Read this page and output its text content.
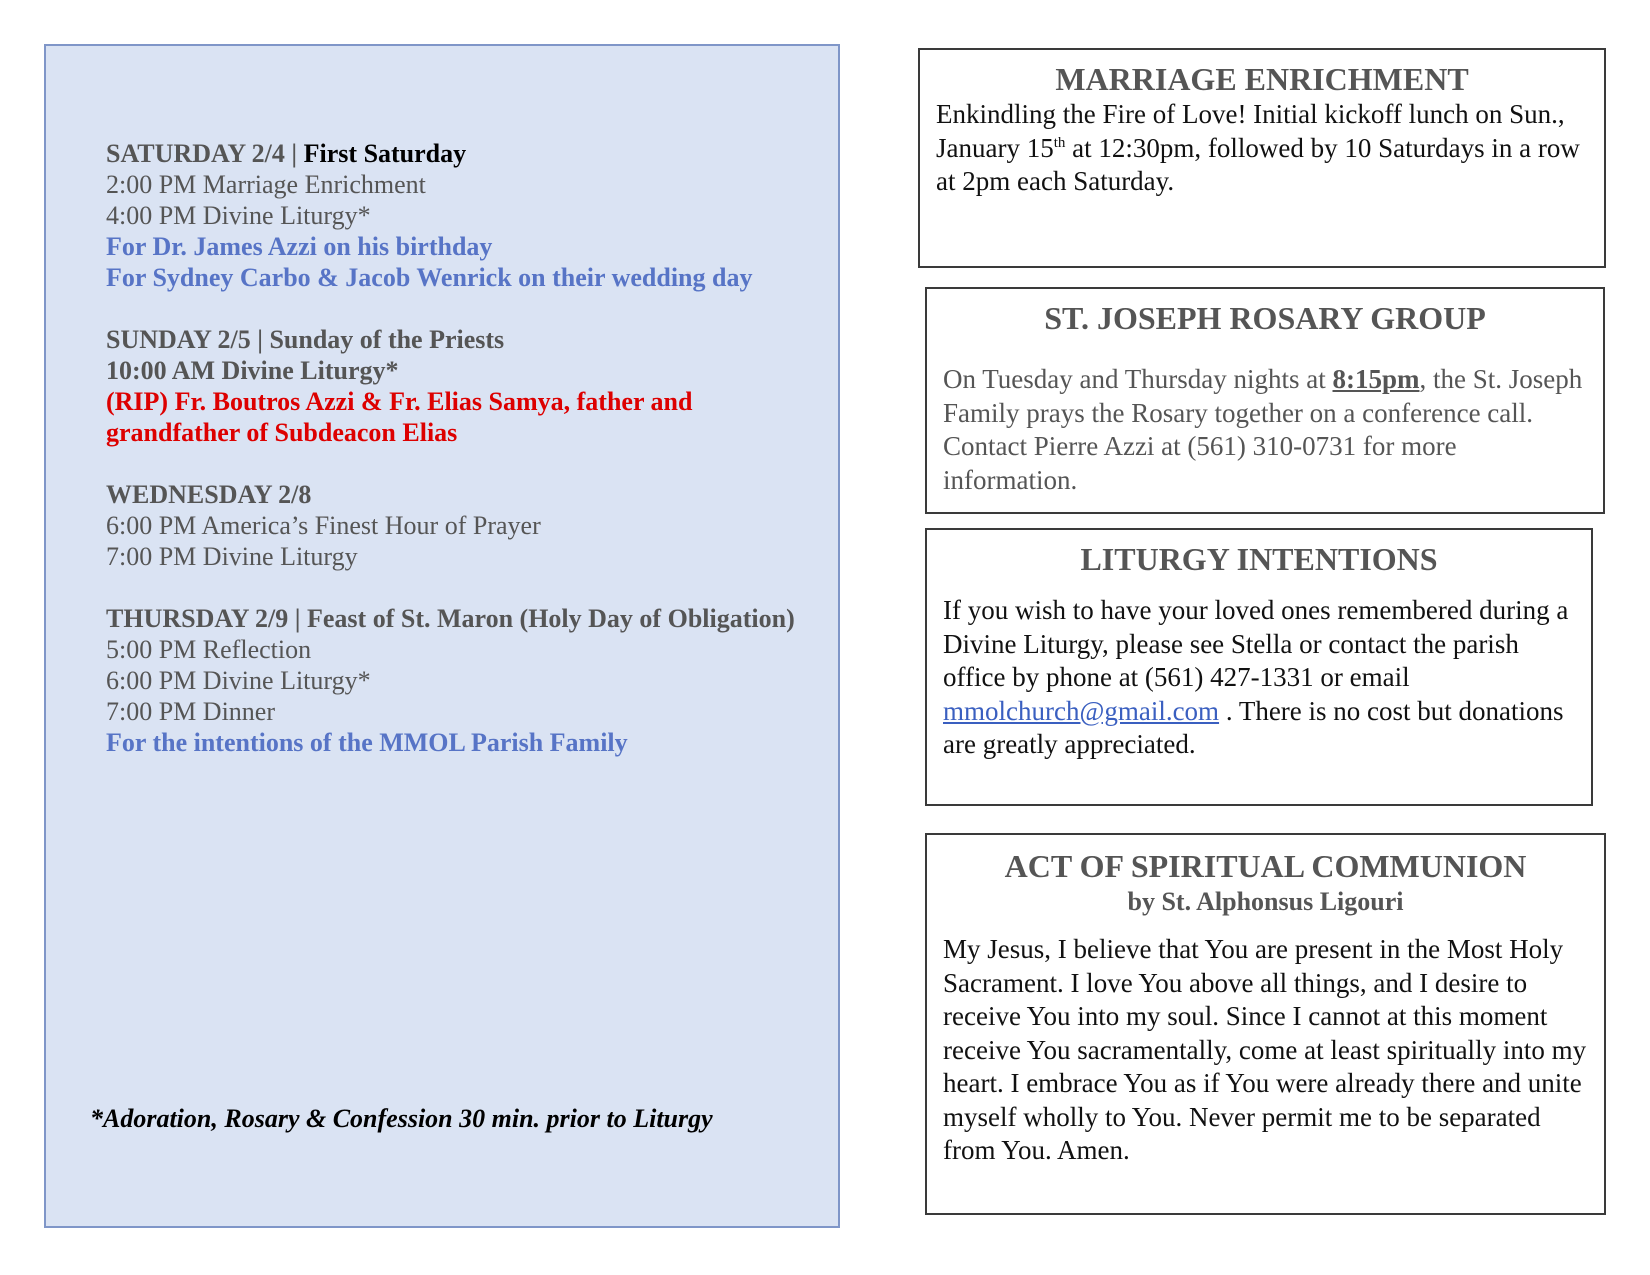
SATURDAY 2/4 | First Saturday
2:00 PM Marriage Enrichment
4:00 PM Divine Liturgy*
For Dr. James Azzi on his birthday
For Sydney Carbo & Jacob Wenrick on their wedding day
SUNDAY 2/5 | Sunday of the Priests
10:00 AM Divine Liturgy*
(RIP) Fr. Boutros Azzi & Fr. Elias Samya, father and grandfather of Subdeacon Elias
WEDNESDAY 2/8
6:00 PM America’s Finest Hour of Prayer
7:00 PM Divine Liturgy
THURSDAY 2/9 | Feast of St. Maron (Holy Day of Obligation)
5:00 PM Reflection
6:00 PM Divine Liturgy*
7:00 PM Dinner
For the intentions of the MMOL Parish Family
*Adoration, Rosary & Confession 30 min. prior to Liturgy
MARRIAGE ENRICHMENT

Enkindling the Fire of Love! Initial kickoff lunch on Sun., January 15th at 12:30pm, followed by 10 Saturdays in a row at 2pm each Saturday.

ST. JOSEPH ROSARY GROUP

On Tuesday and Thursday nights at 8:15pm, the St. Joseph Family prays the Rosary together on a conference call. Contact Pierre Azzi at (561) 310-0731 for more information.

LITURGY INTENTIONS

If you wish to have your loved ones remembered during a Divine Liturgy, please see Stella or contact the parish office by phone at (561) 427-1331 or email mmolchurch@gmail.com . There is no cost but donations are greatly appreciated.

ACT OF SPIRITUAL COMMUNION
by St. Alphonsus Ligouri

My Jesus, I believe that You are present in the Most Holy Sacrament. I love You above all things, and I desire to receive You into my soul. Since I cannot at this moment receive You sacramentally, come at least spiritually into my heart. I embrace You as if You were already there and unite myself wholly to You. Never permit me to be separated from You. Amen.
